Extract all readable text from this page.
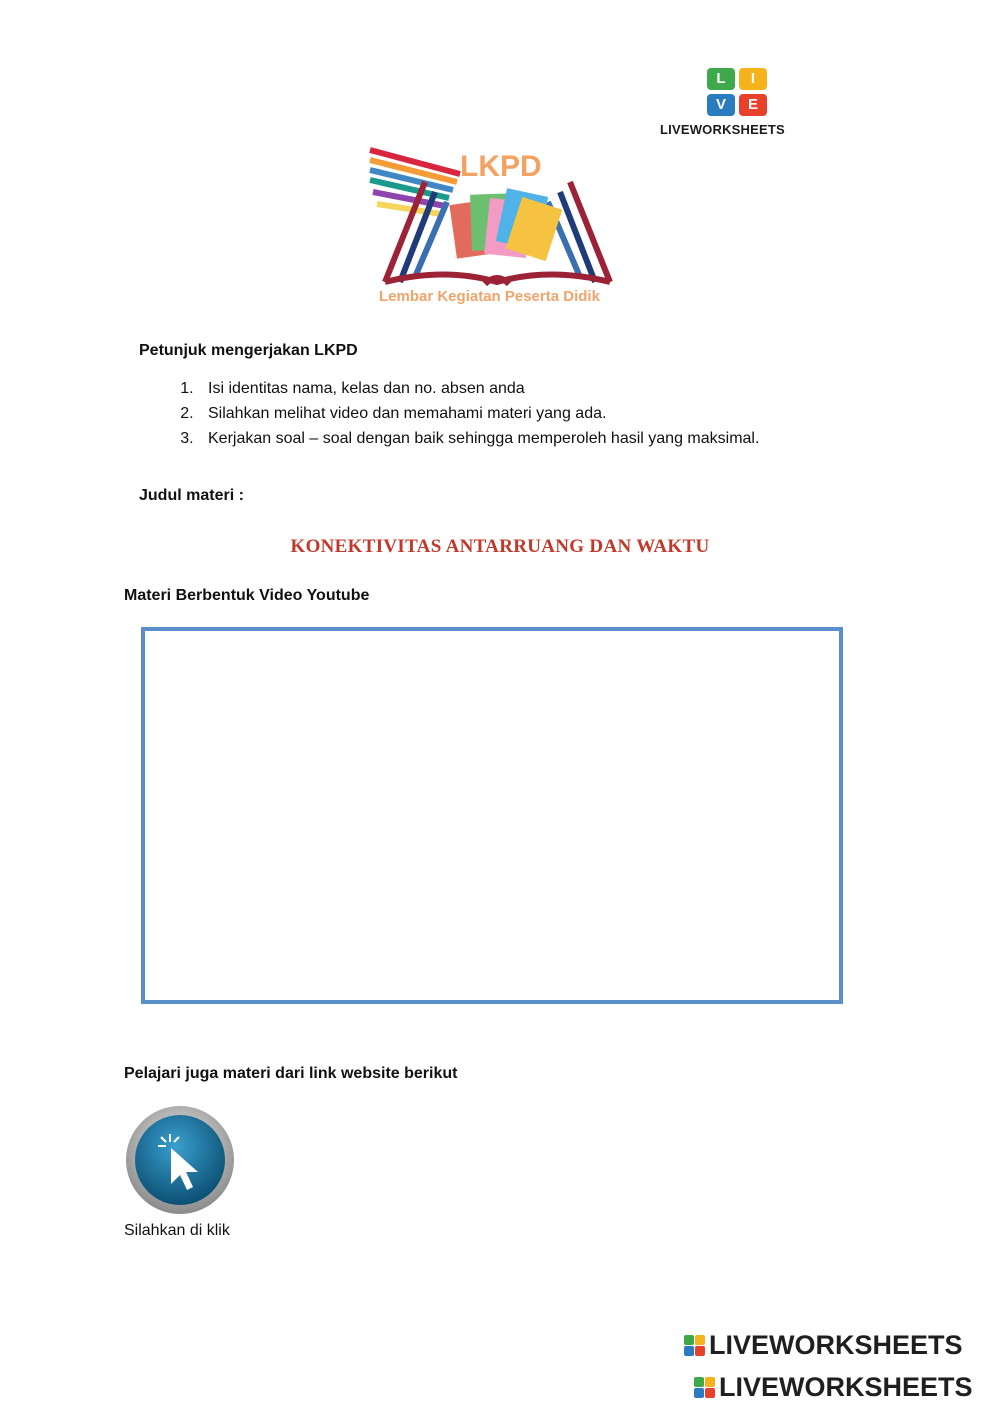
L	I
V	E
LIVEWORKSHEETS
LKPD
Lembar Kegiatan Peserta Didik
Petunjuk mengerjakan LKPD
1. Isi identitas nama, kelas dan no. absen anda
2. Silahkan melihat video dan memahami materi yang ada.
3. Kerjakan soal – soal dengan baik sehingga memperoleh hasil yang maksimal.
Judul materi :
KONEKTIVITAS ANTARRUANG DAN WAKTU
Materi Berbentuk Video Youtube
Pelajari juga materi dari link website berikut
Silahkan di klik
LIVEWORKSHEETS
LIVEWORKSHEETS
